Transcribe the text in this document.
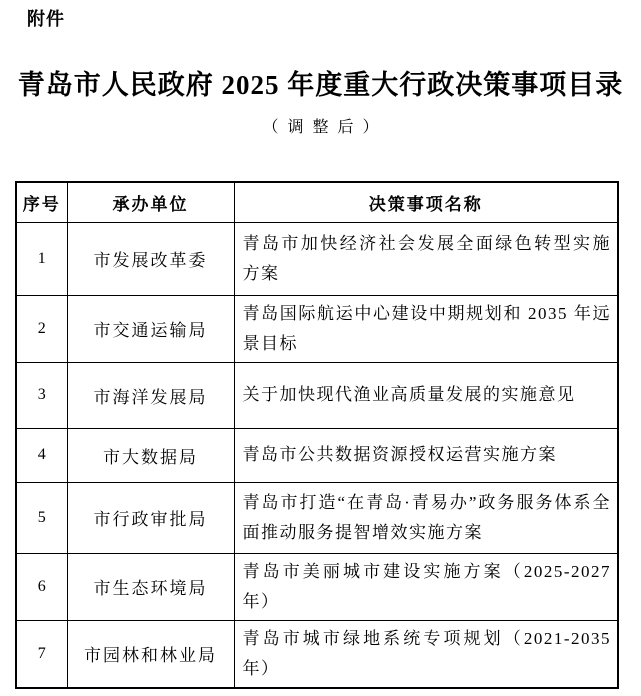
附件
青岛市人民政府 2025 年度重大行政决策事项目录
（调整后）
序号	承办单位	决策事项名称
1	市发展改革委	青岛市加快经济社会发展全面绿色转型实施方案
2	市交通运输局	青岛国际航运中心建设中期规划和 2035 年远景目标
3	市海洋发展局	关于加快现代渔业高质量发展的实施意见
4	市大数据局	青岛市公共数据资源授权运营实施方案
5	市行政审批局	青岛市打造“在青岛·青易办”政务服务体系全面推动服务提智增效实施方案
6	市生态环境局	青岛市美丽城市建设实施方案（2025-2027 年）
7	市园林和林业局	青岛市城市绿地系统专项规划（2021-2035 年）
